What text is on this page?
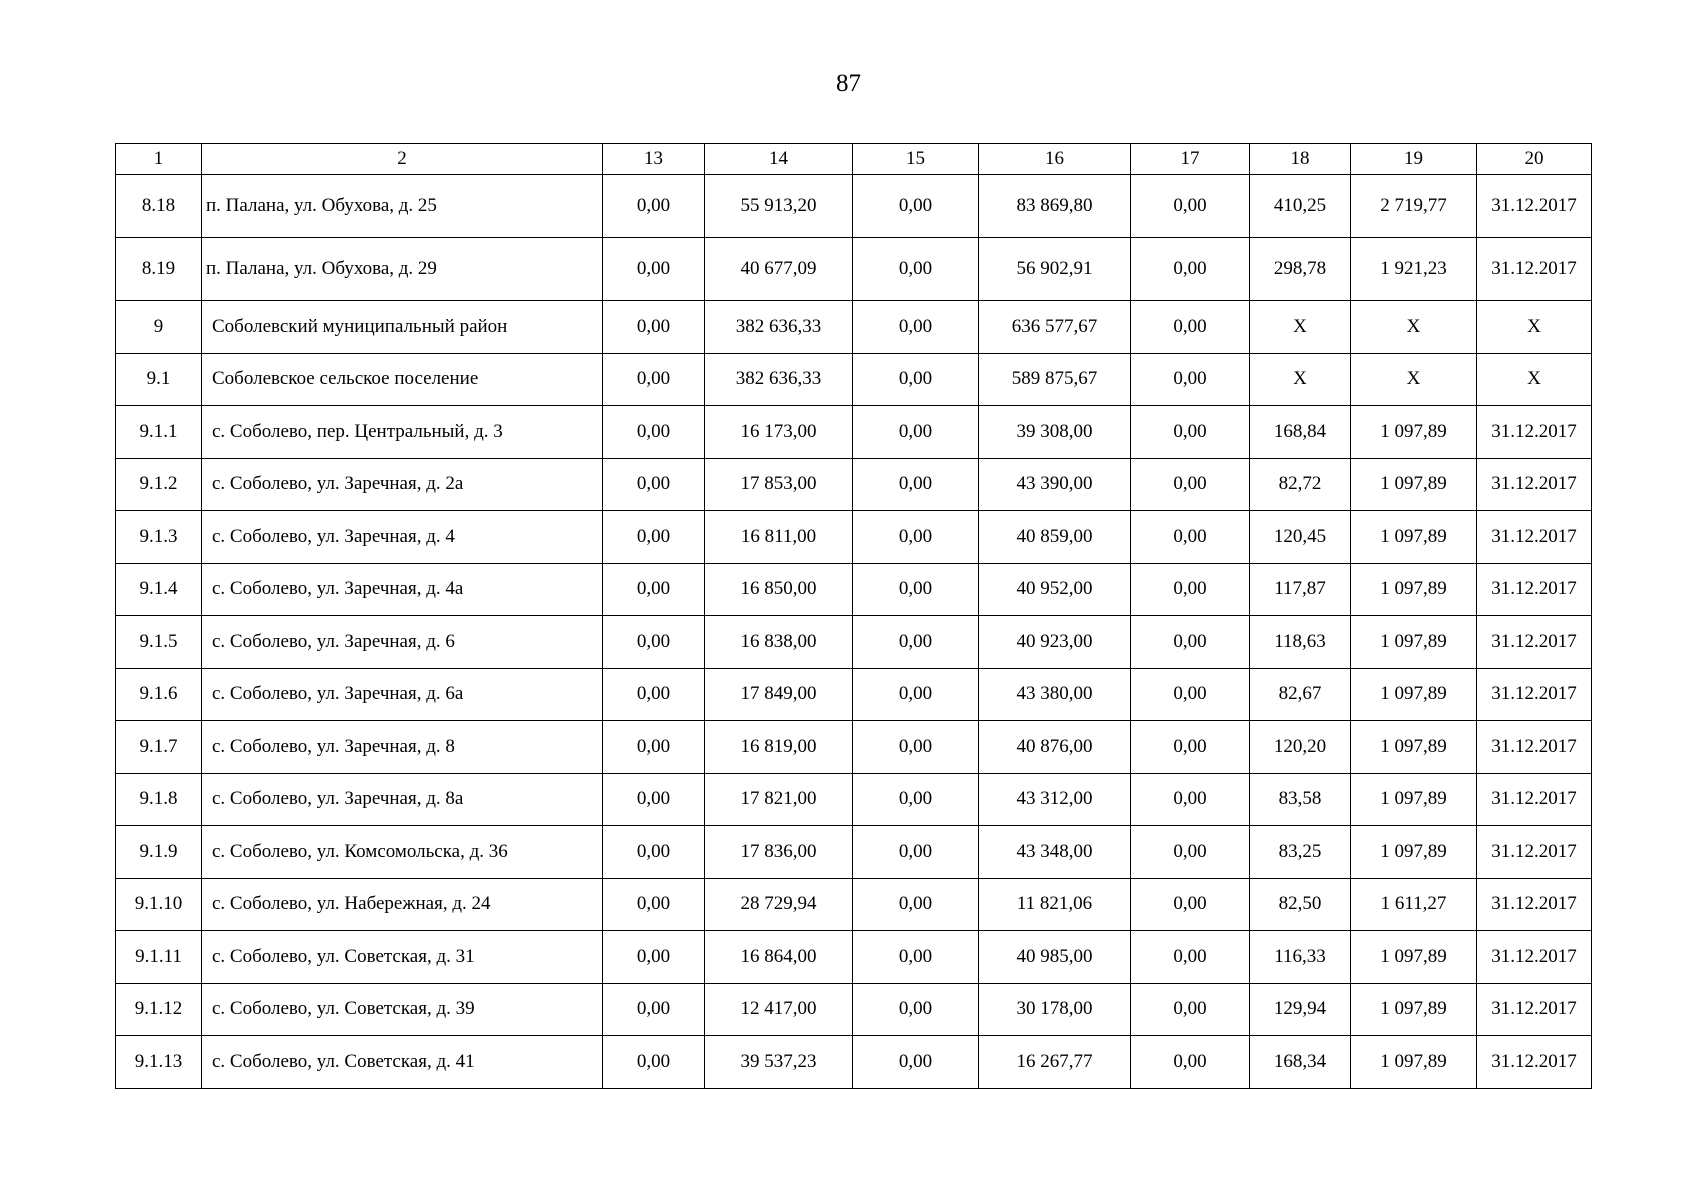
87
1	2	13	14	15	16	17	18	19	20
8.18	п. Палана, ул. Обухова, д. 25	0,00	55 913,20	0,00	83 869,80	0,00	410,25	2 719,77	31.12.2017
8.19	п. Палана, ул. Обухова, д. 29	0,00	40 677,09	0,00	56 902,91	0,00	298,78	1 921,23	31.12.2017
9	Соболевский муниципальный район	0,00	382 636,33	0,00	636 577,67	0,00	X	X	X
9.1	Соболевское сельское поселение	0,00	382 636,33	0,00	589 875,67	0,00	X	X	X
9.1.1	с. Соболево, пер. Центральный, д. 3	0,00	16 173,00	0,00	39 308,00	0,00	168,84	1 097,89	31.12.2017
9.1.2	с. Соболево, ул. Заречная, д. 2а	0,00	17 853,00	0,00	43 390,00	0,00	82,72	1 097,89	31.12.2017
9.1.3	с. Соболево, ул. Заречная, д. 4	0,00	16 811,00	0,00	40 859,00	0,00	120,45	1 097,89	31.12.2017
9.1.4	с. Соболево, ул. Заречная, д. 4а	0,00	16 850,00	0,00	40 952,00	0,00	117,87	1 097,89	31.12.2017
9.1.5	с. Соболево, ул. Заречная, д. 6	0,00	16 838,00	0,00	40 923,00	0,00	118,63	1 097,89	31.12.2017
9.1.6	с. Соболево, ул. Заречная, д. 6а	0,00	17 849,00	0,00	43 380,00	0,00	82,67	1 097,89	31.12.2017
9.1.7	с. Соболево, ул. Заречная, д. 8	0,00	16 819,00	0,00	40 876,00	0,00	120,20	1 097,89	31.12.2017
9.1.8	с. Соболево, ул. Заречная, д. 8а	0,00	17 821,00	0,00	43 312,00	0,00	83,58	1 097,89	31.12.2017
9.1.9	с. Соболево, ул. Комсомольска, д. 36	0,00	17 836,00	0,00	43 348,00	0,00	83,25	1 097,89	31.12.2017
9.1.10	с. Соболево, ул. Набережная, д. 24	0,00	28 729,94	0,00	11 821,06	0,00	82,50	1 611,27	31.12.2017
9.1.11	с. Соболево, ул. Советская, д. 31	0,00	16 864,00	0,00	40 985,00	0,00	116,33	1 097,89	31.12.2017
9.1.12	с. Соболево, ул. Советская, д. 39	0,00	12 417,00	0,00	30 178,00	0,00	129,94	1 097,89	31.12.2017
9.1.13	с. Соболево, ул. Советская, д. 41	0,00	39 537,23	0,00	16 267,77	0,00	168,34	1 097,89	31.12.2017
